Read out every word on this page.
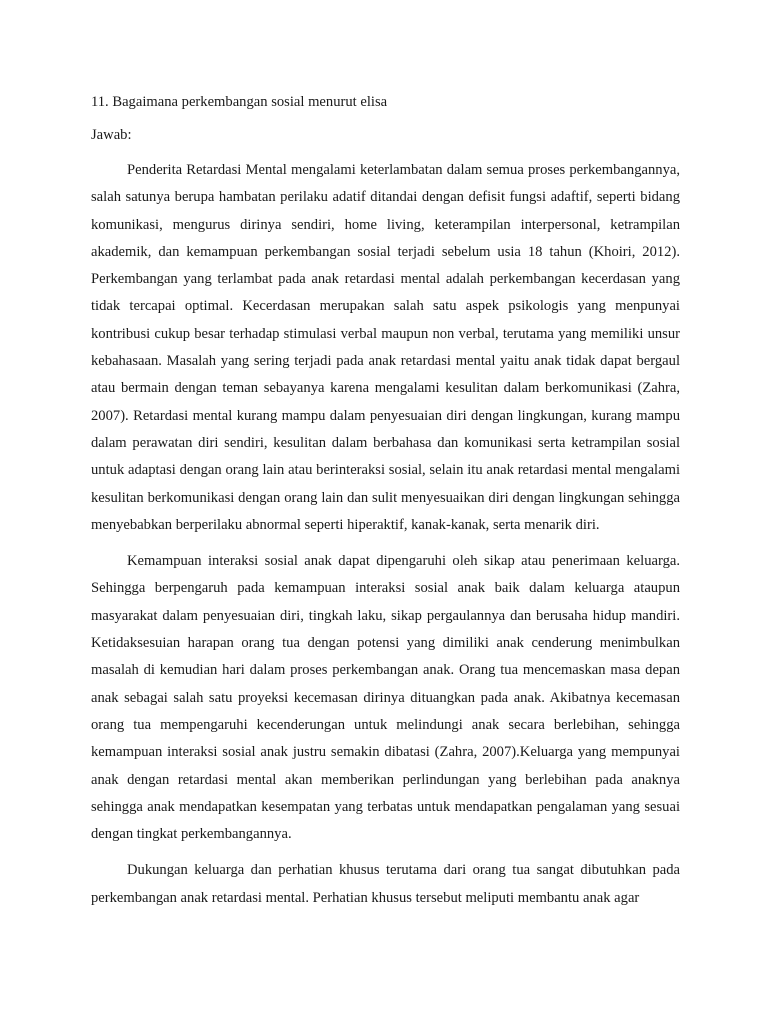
11. Bagaimana perkembangan sosial menurut elisa

Jawab:

Penderita Retardasi Mental mengalami keterlambatan dalam semua proses perkembangannya, salah satunya berupa hambatan perilaku adatif ditandai dengan defisit fungsi adaftif, seperti bidang komunikasi, mengurus dirinya sendiri, home living, keterampilan interpersonal, ketrampilan akademik, dan kemampuan perkembangan sosial terjadi sebelum usia 18 tahun (Khoiri, 2012). Perkembangan yang terlambat pada anak retardasi mental adalah perkembangan kecerdasan yang tidak tercapai optimal. Kecerdasan merupakan salah satu aspek psikologis yang menpunyai kontribusi cukup besar terhadap stimulasi verbal maupun non verbal, terutama yang memiliki unsur kebahasaan. Masalah yang sering terjadi pada anak retardasi mental yaitu anak tidak dapat bergaul atau bermain dengan teman sebayanya karena mengalami kesulitan dalam berkomunikasi (Zahra, 2007). Retardasi mental kurang mampu dalam penyesuaian diri dengan lingkungan, kurang mampu dalam perawatan diri sendiri, kesulitan dalam berbahasa dan komunikasi serta ketrampilan sosial untuk adaptasi dengan orang lain atau berinteraksi sosial, selain itu anak retardasi mental mengalami kesulitan berkomunikasi dengan orang lain dan sulit menyesuaikan diri dengan lingkungan sehingga menyebabkan berperilaku abnormal seperti hiperaktif, kanak-kanak, serta menarik diri.

Kemampuan interaksi sosial anak dapat dipengaruhi oleh sikap atau penerimaan keluarga. Sehingga berpengaruh pada kemampuan interaksi sosial anak baik dalam keluarga ataupun masyarakat dalam penyesuaian diri, tingkah laku, sikap pergaulannya dan berusaha hidup mandiri. Ketidaksesuian harapan orang tua dengan potensi yang dimiliki anak cenderung menimbulkan masalah di kemudian hari dalam proses perkembangan anak. Orang tua mencemaskan masa depan anak sebagai salah satu proyeksi kecemasan dirinya dituangkan pada anak. Akibatnya kecemasan orang tua mempengaruhi kecenderungan untuk melindungi anak secara berlebihan, sehingga kemampuan interaksi sosial anak justru semakin dibatasi (Zahra, 2007).Keluarga yang mempunyai anak dengan retardasi mental akan memberikan perlindungan yang berlebihan pada anaknya sehingga anak mendapatkan kesempatan yang terbatas untuk mendapatkan pengalaman yang sesuai dengan tingkat perkembangannya.

Dukungan keluarga dan perhatian khusus terutama dari orang tua sangat dibutuhkan pada perkembangan anak retardasi mental. Perhatian khusus tersebut meliputi membantu anak agar
